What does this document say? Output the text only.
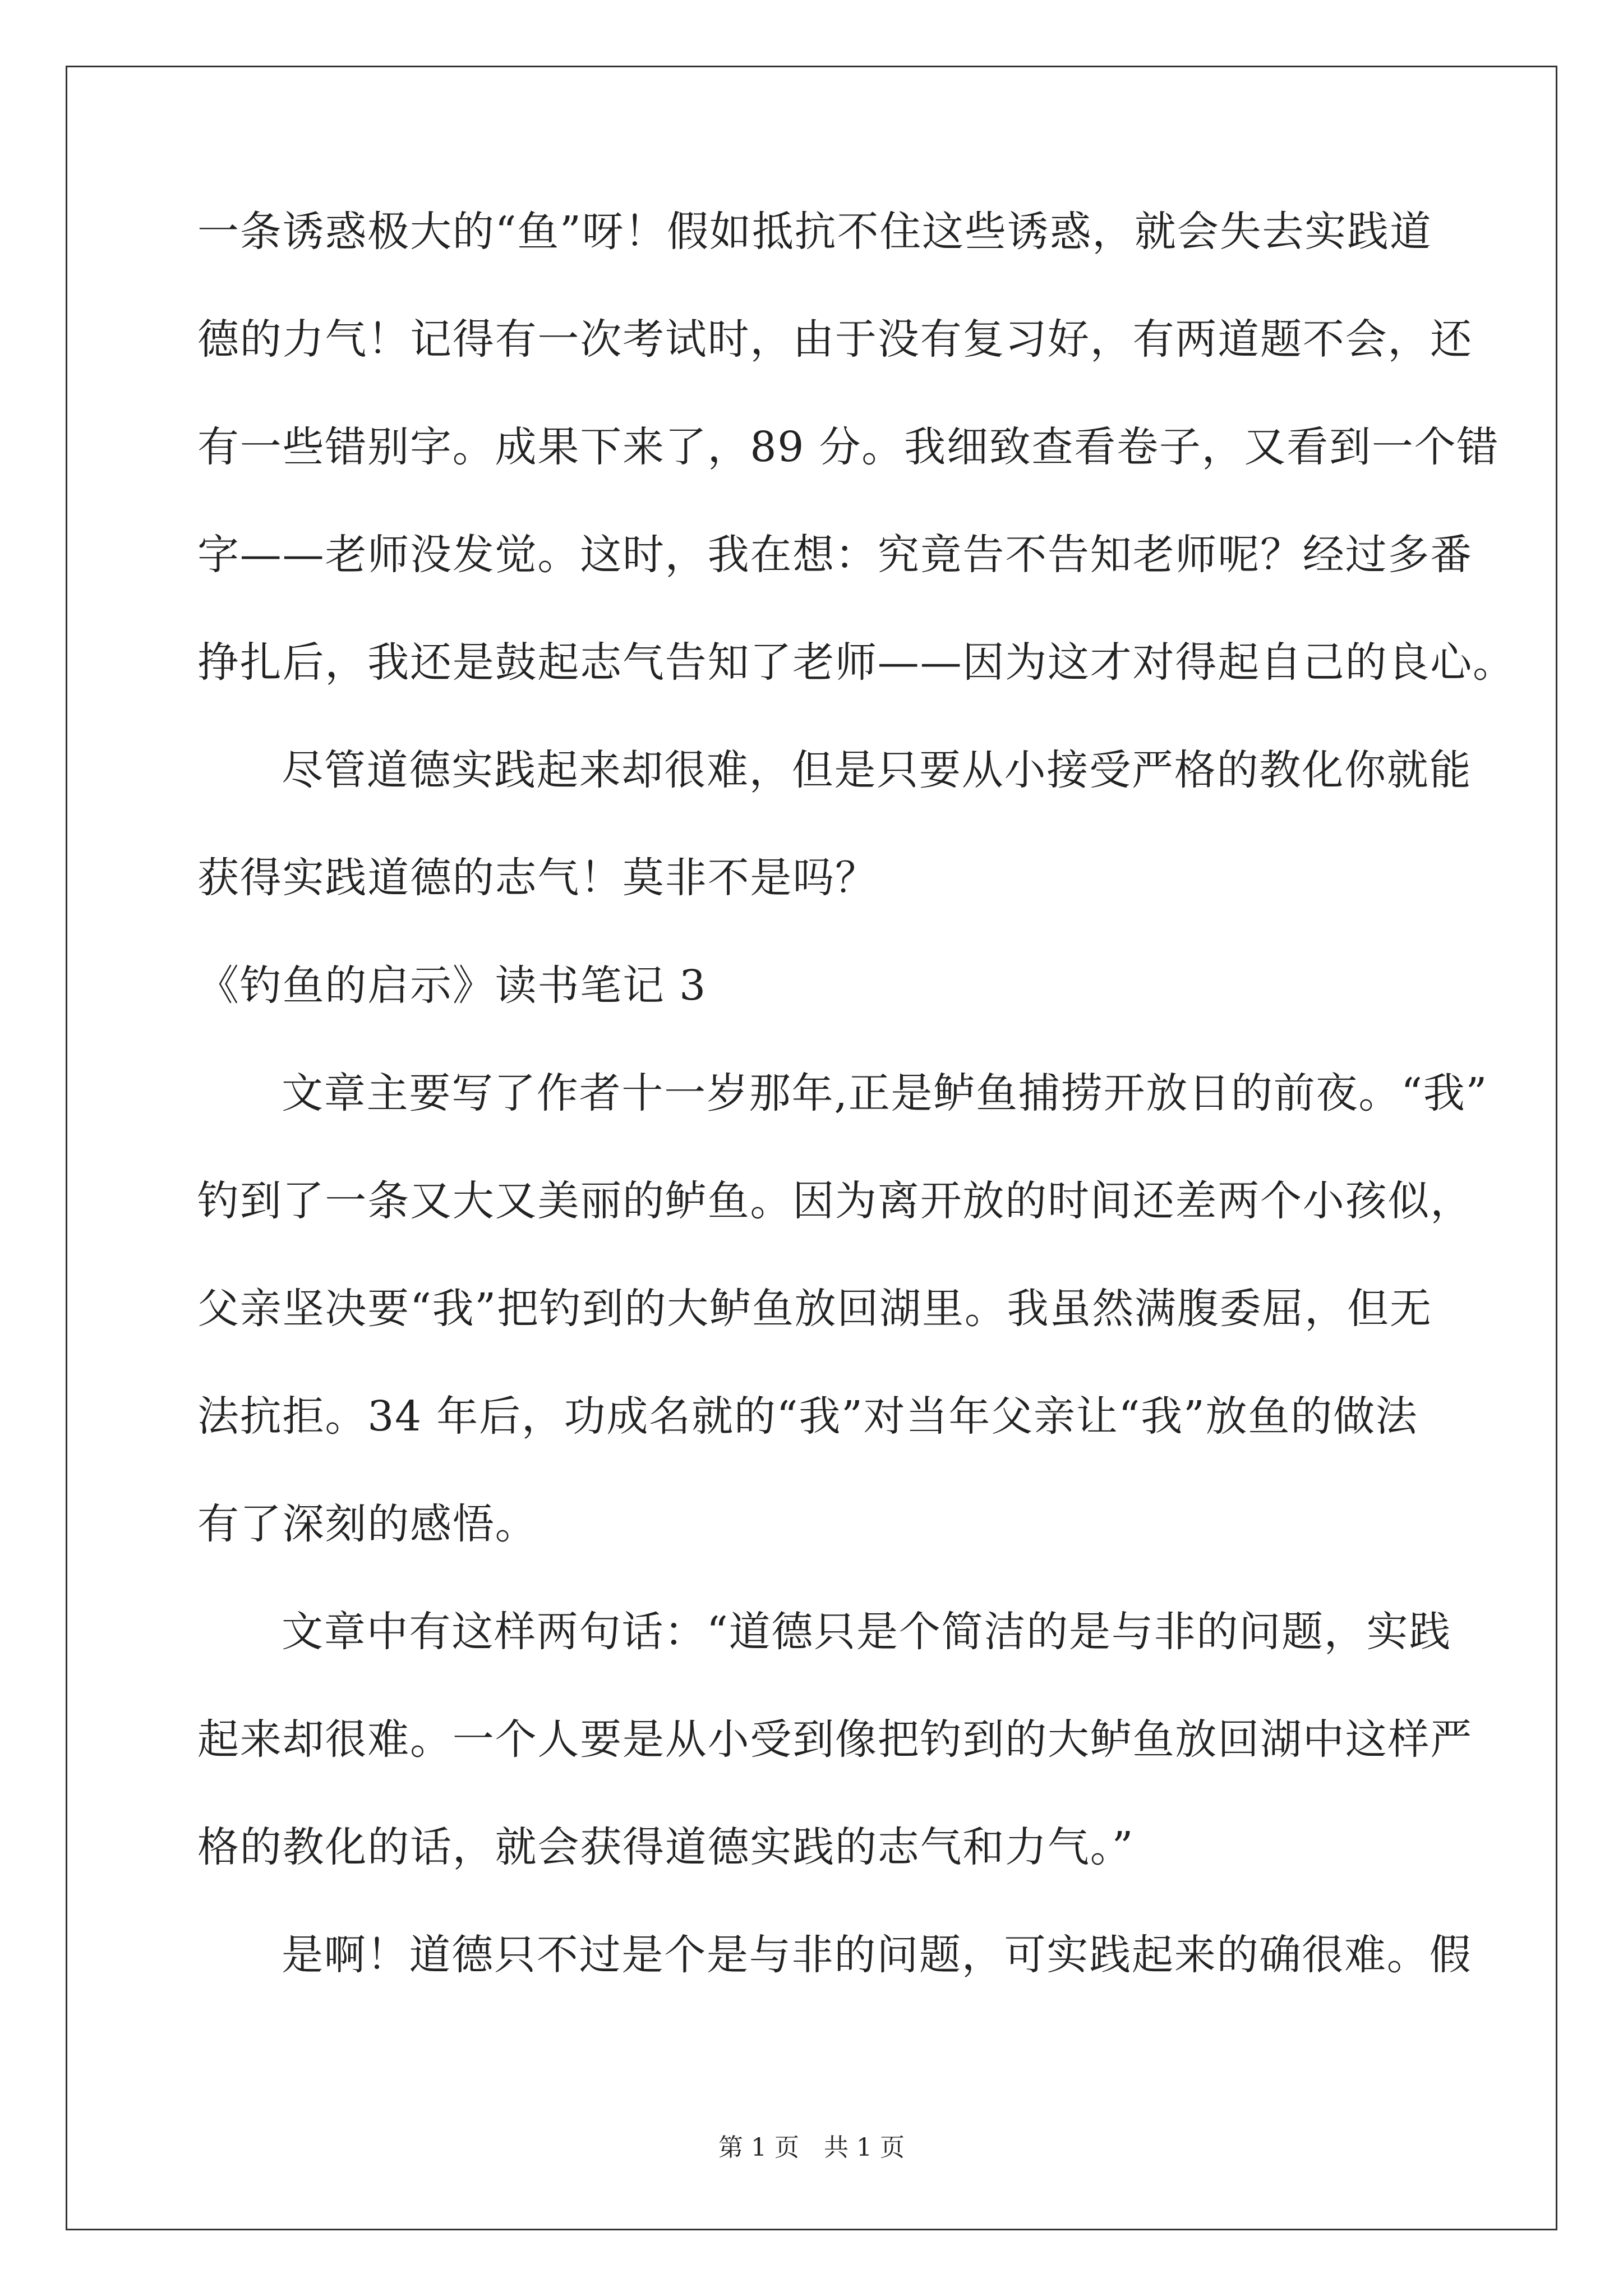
一条诱惑极大的“鱼”呀！假如抵抗不住这些诱惑，就会失去实践道
德的力气！记得有一次考试时，由于没有复习好，有两道题不会，还
有一些错别字。成果下来了，89 分。我细致查看卷子，又看到一个错
字——老师没发觉。这时，我在想：究竟告不告知老师呢？经过多番
挣扎后，我还是鼓起志气告知了老师——因为这才对得起自己的良心。
尽管道德实践起来却很难，但是只要从小接受严格的教化你就能
获得实践道德的志气！莫非不是吗？
《钓鱼的启示》读书笔记 3
文章主要写了作者十一岁那年,正是鲈鱼捕捞开放日的前夜。“我”
钓到了一条又大又美丽的鲈鱼。因为离开放的时间还差两个小孩似，
父亲坚决要“我”把钓到的大鲈鱼放回湖里。我虽然满腹委屈，但无
法抗拒。34 年后，功成名就的“我”对当年父亲让“我”放鱼的做法
有了深刻的感悟。
文章中有这样两句话：“道德只是个简洁的是与非的问题，实践
起来却很难。一个人要是从小受到像把钓到的大鲈鱼放回湖中这样严
格的教化的话，就会获得道德实践的志气和力气。”
是啊！道德只不过是个是与非的问题，可实践起来的确很难。假
第 1 页　共 1 页
